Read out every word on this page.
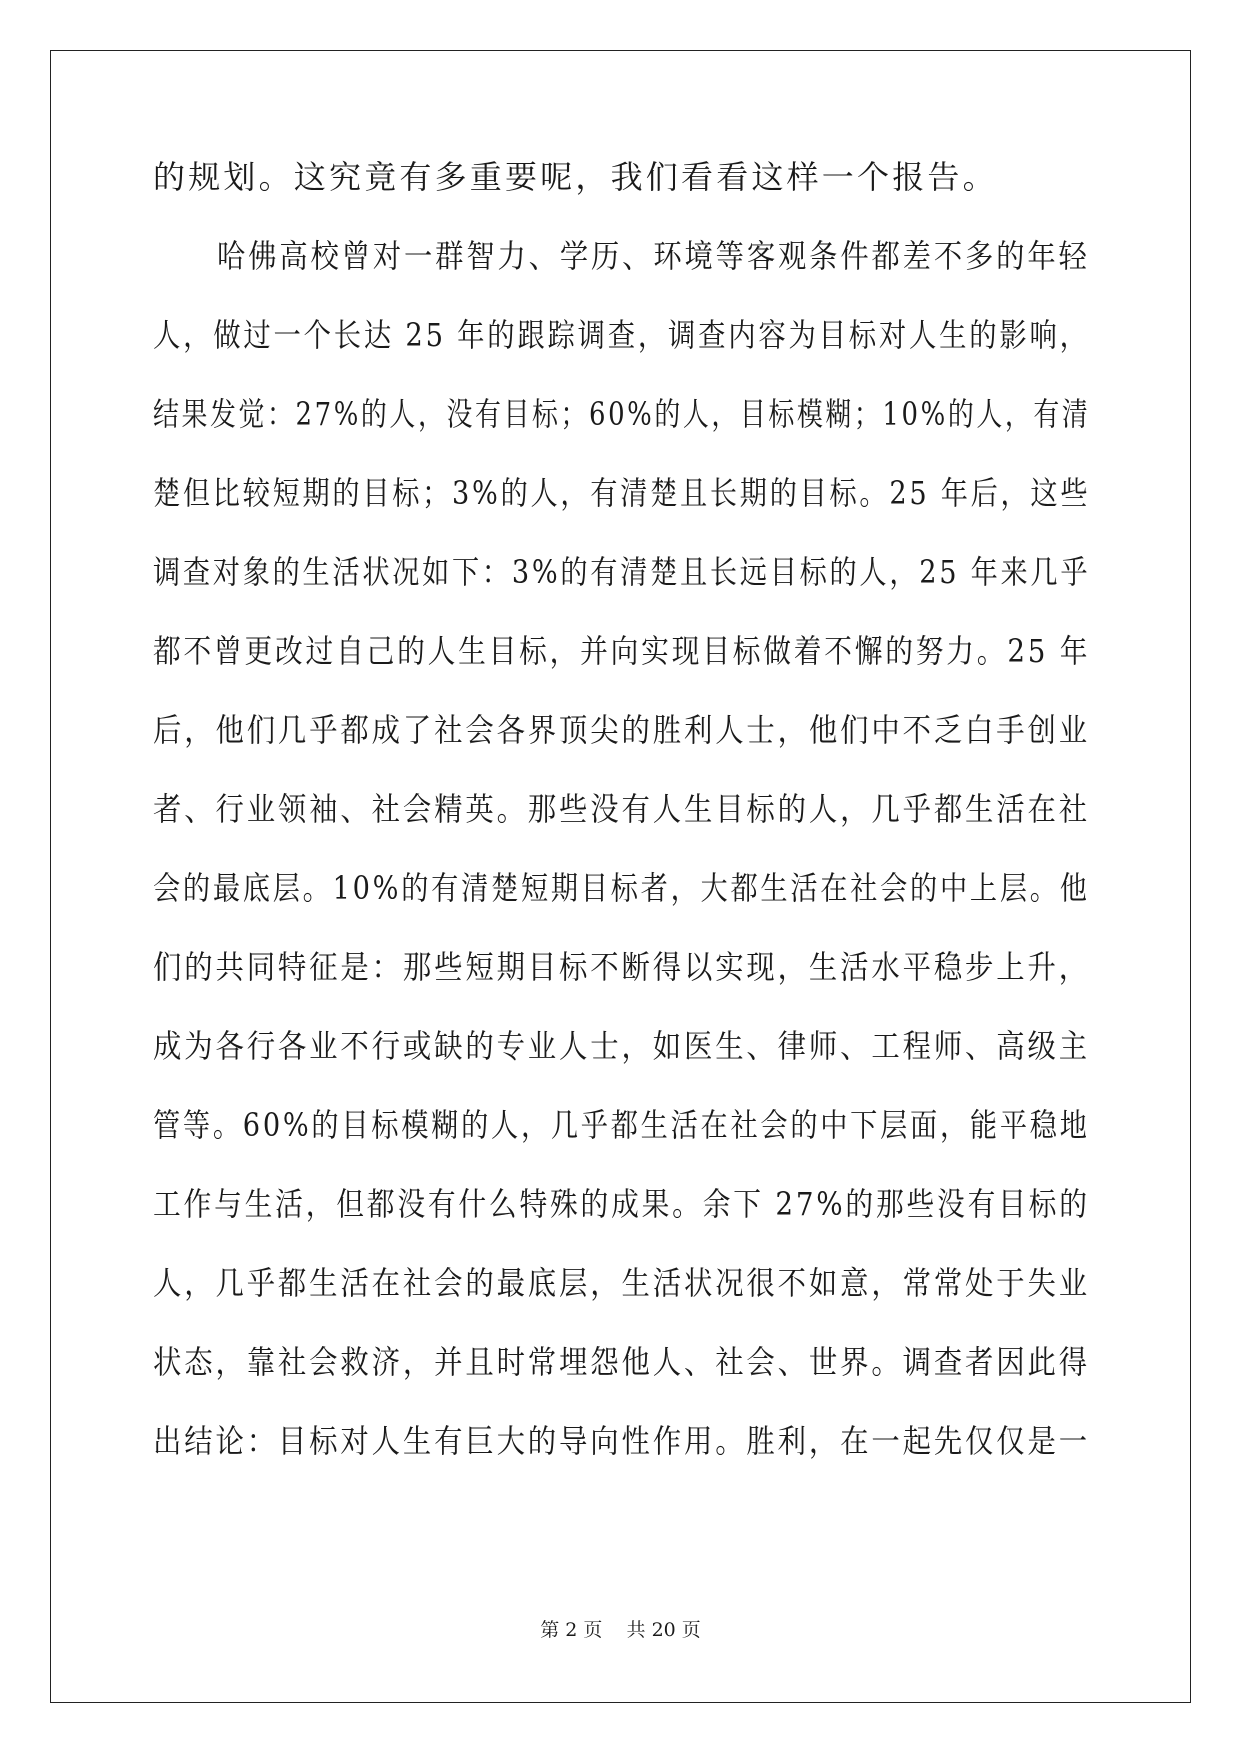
的规划。这究竟有多重要呢，我们看看这样一个报告。
哈佛高校曾对一群智力、学历、环境等客观条件都差不多的年轻
人，做过一个长达 25 年的跟踪调查，调查内容为目标对人生的影响，
结果发觉：27%的人，没有目标；60%的人，目标模糊；10%的人，有清
楚但比较短期的目标；3%的人，有清楚且长期的目标。25 年后，这些
调查对象的生活状况如下：3%的有清楚且长远目标的人，25 年来几乎
都不曾更改过自己的人生目标，并向实现目标做着不懈的努力。25 年
后，他们几乎都成了社会各界顶尖的胜利人士，他们中不乏白手创业
者、行业领袖、社会精英。那些没有人生目标的人，几乎都生活在社
会的最底层。10%的有清楚短期目标者，大都生活在社会的中上层。他
们的共同特征是：那些短期目标不断得以实现，生活水平稳步上升，
成为各行各业不行或缺的专业人士，如医生、律师、工程师、高级主
管等。60%的目标模糊的人，几乎都生活在社会的中下层面，能平稳地
工作与生活，但都没有什么特殊的成果。余下 27%的那些没有目标的
人，几乎都生活在社会的最底层，生活状况很不如意，常常处于失业
状态，靠社会救济，并且时常埋怨他人、社会、世界。调查者因此得
出结论：目标对人生有巨大的导向性作用。胜利，在一起先仅仅是一
第 2 页    共 20 页
